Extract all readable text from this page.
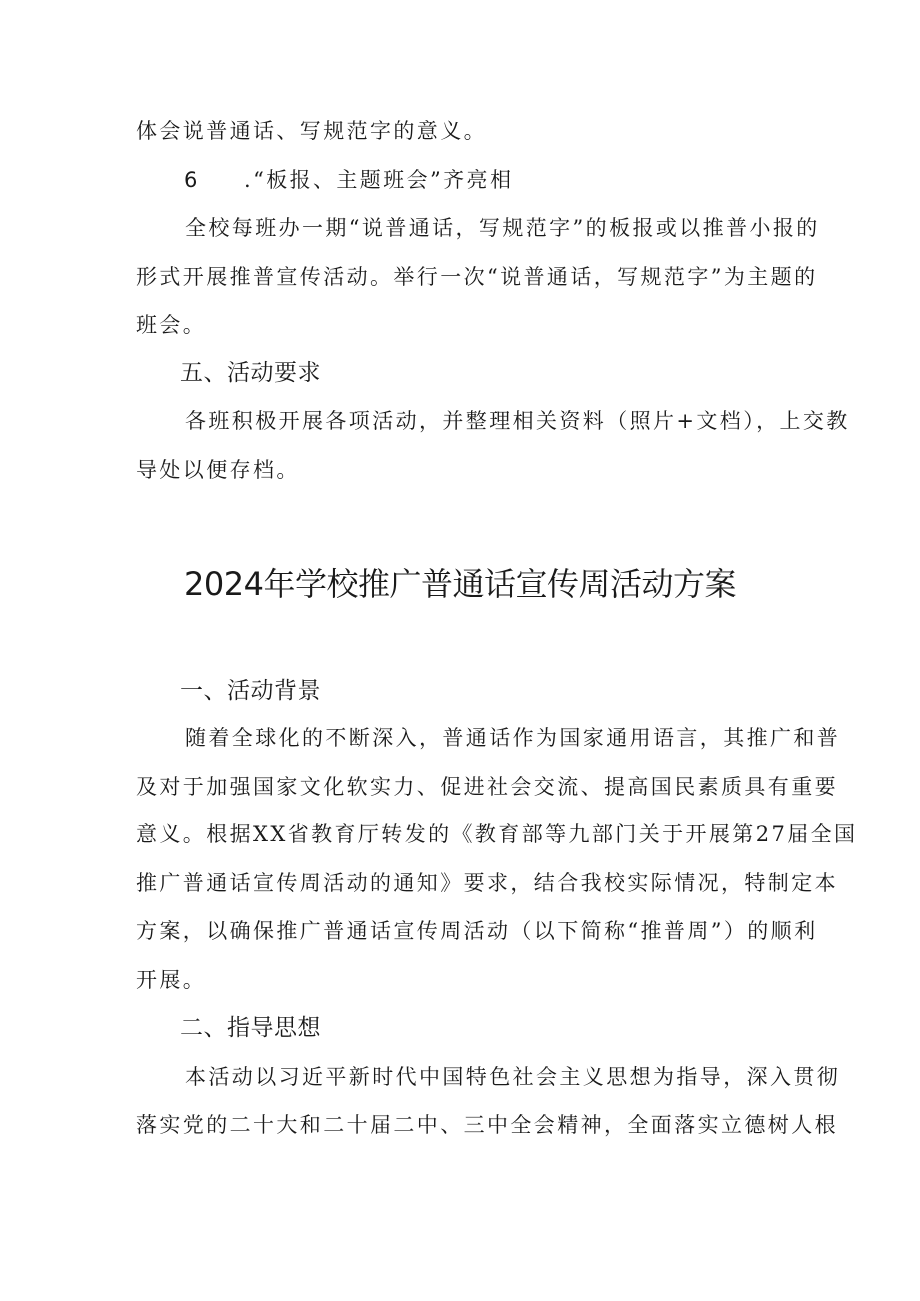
体会说普通话、写规范字的意义。
6 .“板报、主题班会”齐亮相
全校每班办一期“说普通话，写规范字”的板报或以推普小报的
形式开展推普宣传活动。举行一次“说普通话，写规范字”为主题的
班会。
五、活动要求
各班积极开展各项活动，并整理相关资料（照片+文档），上交教
导处以便存档。
2024年学校推广普通话宣传周活动方案
一、活动背景
随着全球化的不断深入，普通话作为国家通用语言，其推广和普
及对于加强国家文化软实力、促进社会交流、提高国民素质具有重要
意义。根据XX省教育厅转发的《教育部等九部门关于开展第27届全国
推广普通话宣传周活动的通知》要求，结合我校实际情况，特制定本
方案，以确保推广普通话宣传周活动（以下简称“推普周”）的顺利
开展。
二、指导思想
本活动以习近平新时代中国特色社会主义思想为指导，深入贯彻
落实党的二十大和二十届二中、三中全会精神，全面落实立德树人根
